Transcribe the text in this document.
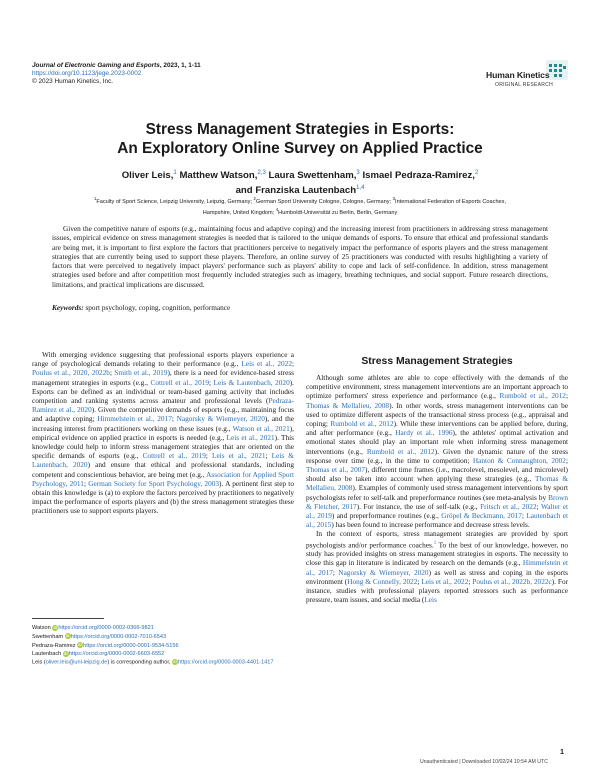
Journal of Electronic Gaming and Esports, 2023, 1, 1-11
https://doi.org/10.1123/jege.2023-0002
© 2023 Human Kinetics, Inc.
Human Kinetics
ORIGINAL RESEARCH
Stress Management Strategies in Esports:
An Exploratory Online Survey on Applied Practice
Oliver Leis,$^1$ Matthew Watson,$^{2,3}$ Laura Swettenham,$^3$ Ismael Pedraza-Ramirez,$^2$
and Franziska Lautenbach$^{1,4}$
$^1$Faculty of Sport Science, Leipzig University, Leipzig, Germany; $^2$German Sport University Cologne, Cologne, Germany; $^3$International Federation of Esports Coaches,
Hampshire, United Kingdom; $^4$Humboldt-Universität zu Berlin, Berlin, Germany
Given the competitive nature of esports (e.g., maintaining focus and adaptive coping) and the increasing interest from practitioners in addressing stress management issues, empirical evidence on stress management strategies is needed that is tailored to the unique demands of esports. To ensure that ethical and professional standards are being met, it is important to first explore the factors that practitioners perceive to negatively impact the performance of esports players and the stress management strategies that are currently being used to support these players. Therefore, an online survey of 25 practitioners was conducted with results highlighting a variety of factors that were perceived to negatively impact players' performance such as players' ability to cope and lack of self-confidence. In addition, stress management strategies used before and after competition most frequently included strategies such as imagery, breathing techniques, and social support. Future research directions, limitations, and practical implications are discussed.
Keywords: sport psychology, coping, cognition, performance

With emerging evidence suggesting that professional esports players experience a range of psychological demands relating to their performance (e.g., Leis et al., 2022; Poulus et al., 2020, 2022b; Smith et al., 2019), there is a need for evidence-based stress management strategies in esports (e.g., Cottrell et al., 2019; Leis & Lautenbach, 2020). Esports can be defined as an individual or team-based gaming activity that includes competition and ranking systems across amateur and professional levels (Pedraza-Ramirez et al., 2020). Given the competitive demands of esports (e.g., maintaining focus and adaptive coping; Himmelstein et al., 2017; Nagorsky & Wiemeyer, 2020), and the increasing interest from practitioners working on these issues (e.g., Watson et al., 2021), empirical evidence on applied practice in esports is needed (e.g., Leis et al., 2021). This knowledge could help to inform stress management strategies that are oriented on the specific demands of esports (e.g., Cottrell et al., 2019; Leis et al., 2021; Leis & Lautenbach, 2020) and ensure that ethical and professional standards, including competent and conscientious behavior, are being met (e.g., Association for Applied Sport Psychology, 2011; German Society for Sport Psychology, 2003). A pertinent first step to obtain this knowledge is (a) to explore the factors perceived by practitioners to negatively impact the performance of esports players and (b) the stress management strategies these practitioners use to support esports players.

Stress Management Strategies

Although some athletes are able to cope effectively with the demands of the competitive environment, stress management interventions are an important approach to optimize performers' stress experience and performance (e.g., Rumbold et al., 2012; Thomas & Mellalieu, 2008). In other words, stress management interventions can be used to optimize different aspects of the transactional stress process (e.g., appraisal and coping; Rumbold et al., 2012). While these interventions can be applied before, during, and after performance (e.g., Hardy et al., 1996), the athletes' optimal activation and emotional states should play an important role when informing stress management interventions (e.g., Rumbold et al., 2012). Given the dynamic nature of the stress response over time (e.g., in the time to competition; Hanton & Connaughton, 2002; Thomas et al., 2007), different time frames (i.e., macrolevel, mesolevel, and microlevel) should also be taken into account when applying these strategies (e.g., Thomas & Mellalieu, 2008). Examples of commonly used stress management interventions by sport psychologists refer to self-talk and preperformance routines (see meta-analysis by Brown & Fletcher, 2017). For instance, the use of self-talk (e.g., Fritsch et al., 2022; Walter et al., 2019) and preperformance routines (e.g., Gröpel & Beckmann, 2017; Lautenbach et al., 2015) has been found to increase performance and decrease stress levels.

In the context of esports, stress management strategies are provided by sport psychologists and/or performance coaches.$^1$ To the best of our knowledge, however, no study has provided insights on stress management strategies in esports. The necessity to close this gap in literature is indicated by research on the demands (e.g., Himmelstein et al., 2017; Nagorsky & Wiemeyer, 2020) as well as stress and coping in the esports environment (Hong & Connelly, 2022; Leis et al., 2022; Poulus et al., 2022b, 2022c). For instance, studies with professional players reported stressors such as performance pressure, team issues, and social media (Leis

Watson iDhttps://orcid.org/0000-0002-0366-9821
Swettenham iDhttps://orcid.org/0000-0002-7010-6543
Pedraza-Ramirez iDhttps://orcid.org/0000-0001-9534-5156
Lautenbach iDhttps://orcid.org/0000-0002-6603-6552
Leis (oliver.leis@uni-leipzig.de) is corresponding author, iDhttps://orcid.org/0000-0003-4401-1417
1
Unauthenticated | Downloaded 10/02/24 10:54 AM UTC
